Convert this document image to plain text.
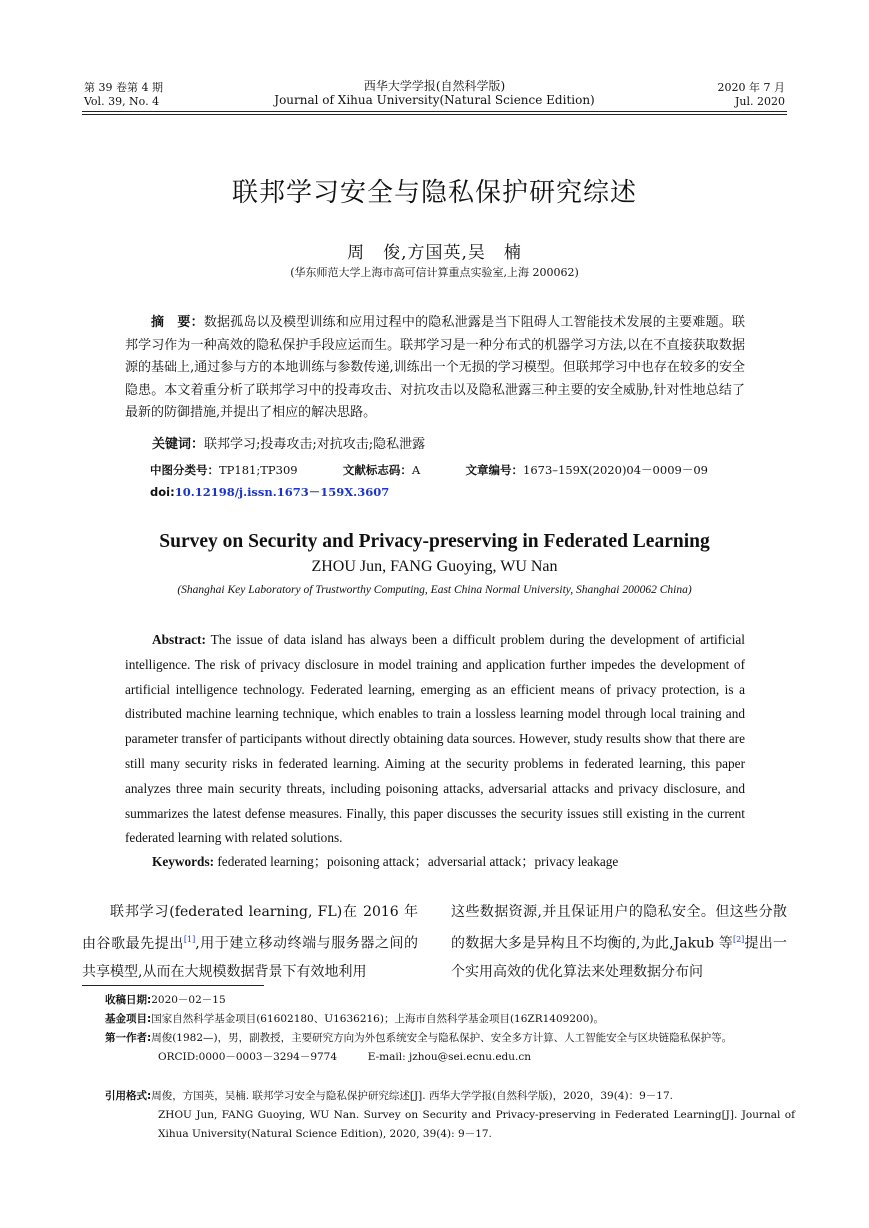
第 39 卷第 4 期
Vol. 39, No. 4
西华大学学报(自然科学版)
Journal of Xihua University(Natural Science Edition)
2020 年 7 月
Jul. 2020
联邦学习安全与隐私保护研究综述
周　俊,方国英,吴　楠
(华东师范大学上海市高可信计算重点实验室,上海 200062)
摘　要：数据孤岛以及模型训练和应用过程中的隐私泄露是当下阻碍人工智能技术发展的主要难题。联邦学习作为一种高效的隐私保护手段应运而生。联邦学习是一种分布式的机器学习方法,以在不直接获取数据源的基础上,通过参与方的本地训练与参数传递,训练出一个无损的学习模型。但联邦学习中也存在较多的安全隐患。本文着重分析了联邦学习中的投毒攻击、对抗攻击以及隐私泄露三种主要的安全威胁,针对性地总结了最新的防御措施,并提出了相应的解决思路。
关键词：联邦学习;投毒攻击;对抗攻击;隐私泄露
中图分类号：TP181;TP309	文献标志码：A	文章编号：1673–159X(2020)04－0009－09
doi:10.12198/j.issn.1673－159X.3607
Survey on Security and Privacy-preserving in Federated Learning
ZHOU Jun, FANG Guoying, WU Nan
(Shanghai Key Laboratory of Trustworthy Computing, East China Normal University, Shanghai 200062 China)
Abstract: The issue of data island has always been a difficult problem during the development of artificial intelligence. The risk of privacy disclosure in model training and application further impedes the development of artificial intelligence technology. Federated learning, emerging as an efficient means of privacy protection, is a distributed machine learning technique, which enables to train a lossless learning model through local training and parameter transfer of participants without directly obtaining data sources. However, study results show that there are still many security risks in federated learning. Aiming at the security problems in federated learning, this paper analyzes three main security threats, including poisoning attacks, adversarial attacks and privacy disclosure, and summarizes the latest defense measures. Finally, this paper discusses the security issues still existing in the current federated learning with related solutions.
Keywords: federated learning；poisoning attack；adversarial attack；privacy leakage
联邦学习(federated learning, FL)在 2016 年由谷歌最先提出[1],用于建立移动终端与服务器之间的共享模型,从而在大规模数据背景下有效地利用
这些数据资源,并且保证用户的隐私安全。但这些分散的数据大多是异构且不均衡的,为此,Jakub 等[2]提出一个实用高效的优化算法来处理数据分布问
收稿日期:2020－02－15
基金项目:国家自然科学基金项目(61602180、U1636216)；上海市自然科学基金项目(16ZR1409200)。
第一作者:周俊(1982—)，男，副教授，主要研究方向为外包系统安全与隐私保护、安全多方计算、人工智能安全与区块链隐私保护等。
ORCID:0000－0003－3294－9774	E-mail: jzhou@sei.ecnu.edu.cn
引用格式:周俊，方国英，吴楠. 联邦学习安全与隐私保护研究综述[J]. 西华大学学报(自然科学版)，2020，39(4)：9－17.
ZHOU Jun, FANG Guoying, WU Nan. Survey on Security and Privacy-preserving in Federated Learning[J]. Journal of Xihua University(Natural Science Edition), 2020, 39(4): 9－17.
